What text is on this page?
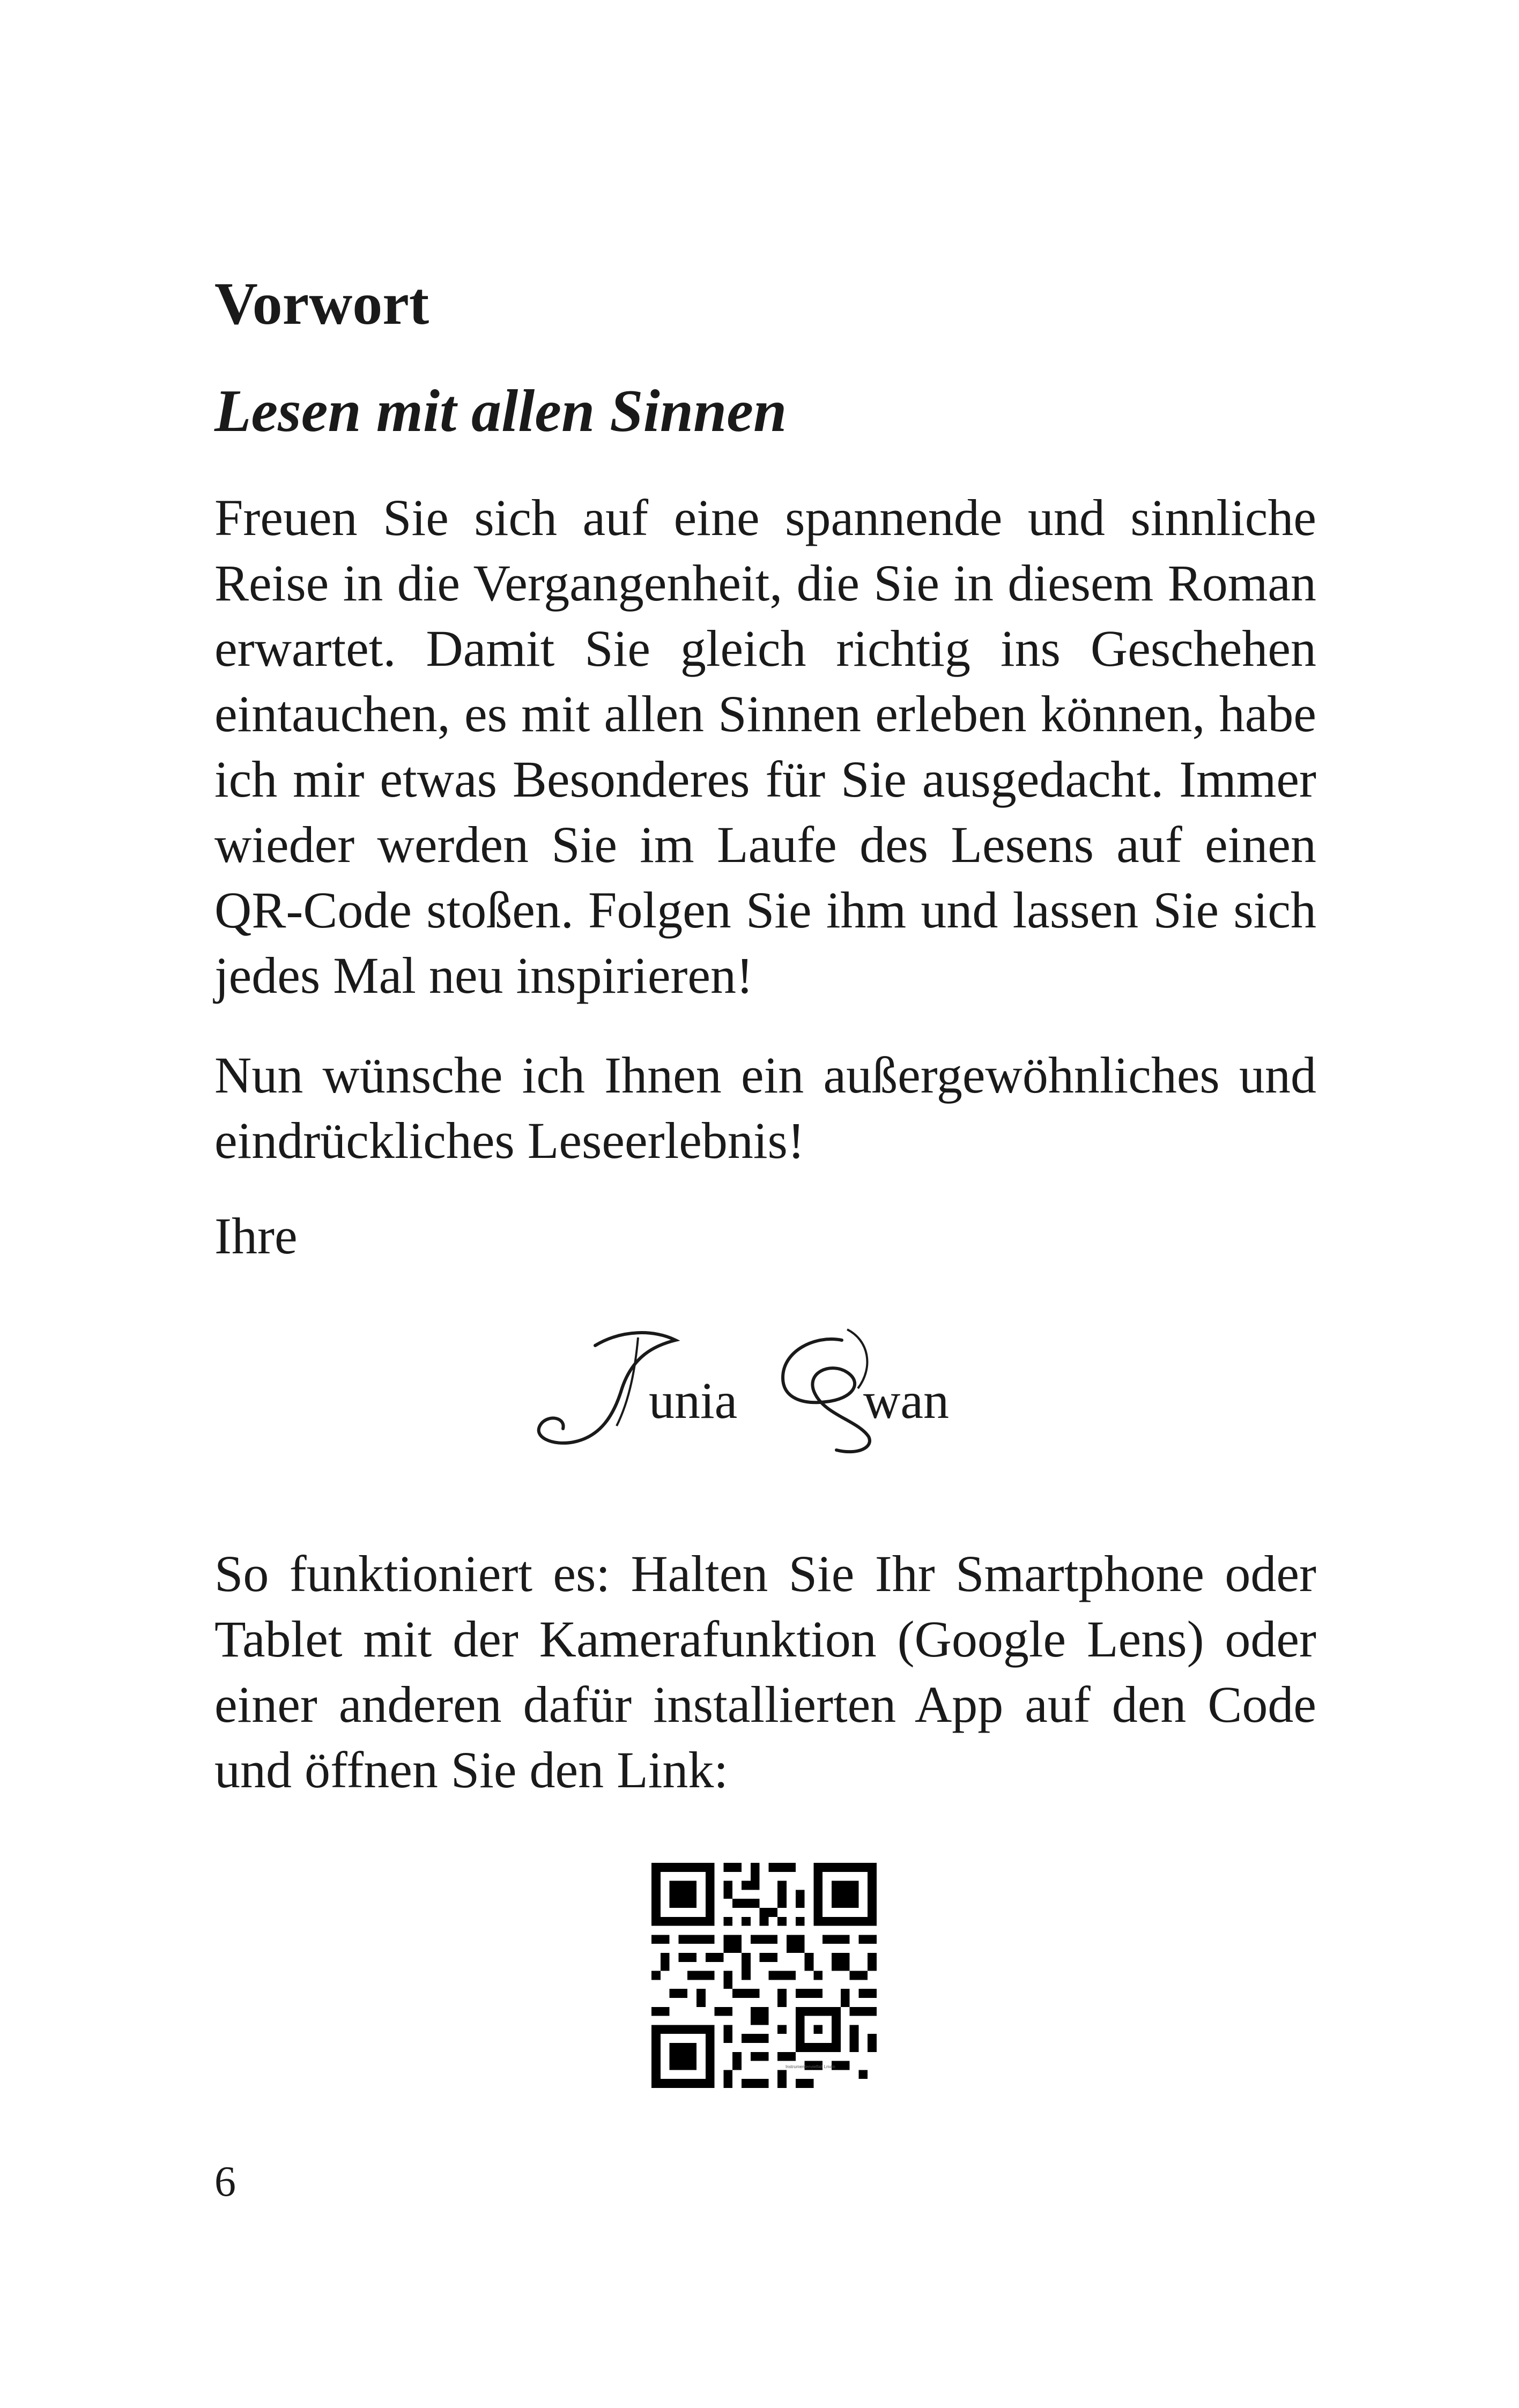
Vorwort
Lesen mit allen Sinnen

Freuen Sie sich auf eine spannende und sinnliche Reise in die Vergangenheit, die Sie in diesem Roman erwartet. Damit Sie gleich richtig ins Geschehen eintauchen, es mit allen Sinnen erleben können, habe ich mir etwas Besonderes für Sie ausgedacht. Immer wieder werden Sie im Laufe des Lesens auf einen QR-Code stoßen. Folgen Sie ihm und lassen Sie sich jedes Mal neu inspirieren!

Nun wünsche ich Ihnen ein außergewöhnliches und eindrückliches Leseerlebnis!

Ihre

unia wan

So funktioniert es: Halten Sie Ihr Smartphone oder Tablet mit der Kamerafunktion (Google Lens) oder einer anderen dafür installierten App auf den Code und öffnen Sie den Link:

Instrumentenvielfalt Lmals

6
